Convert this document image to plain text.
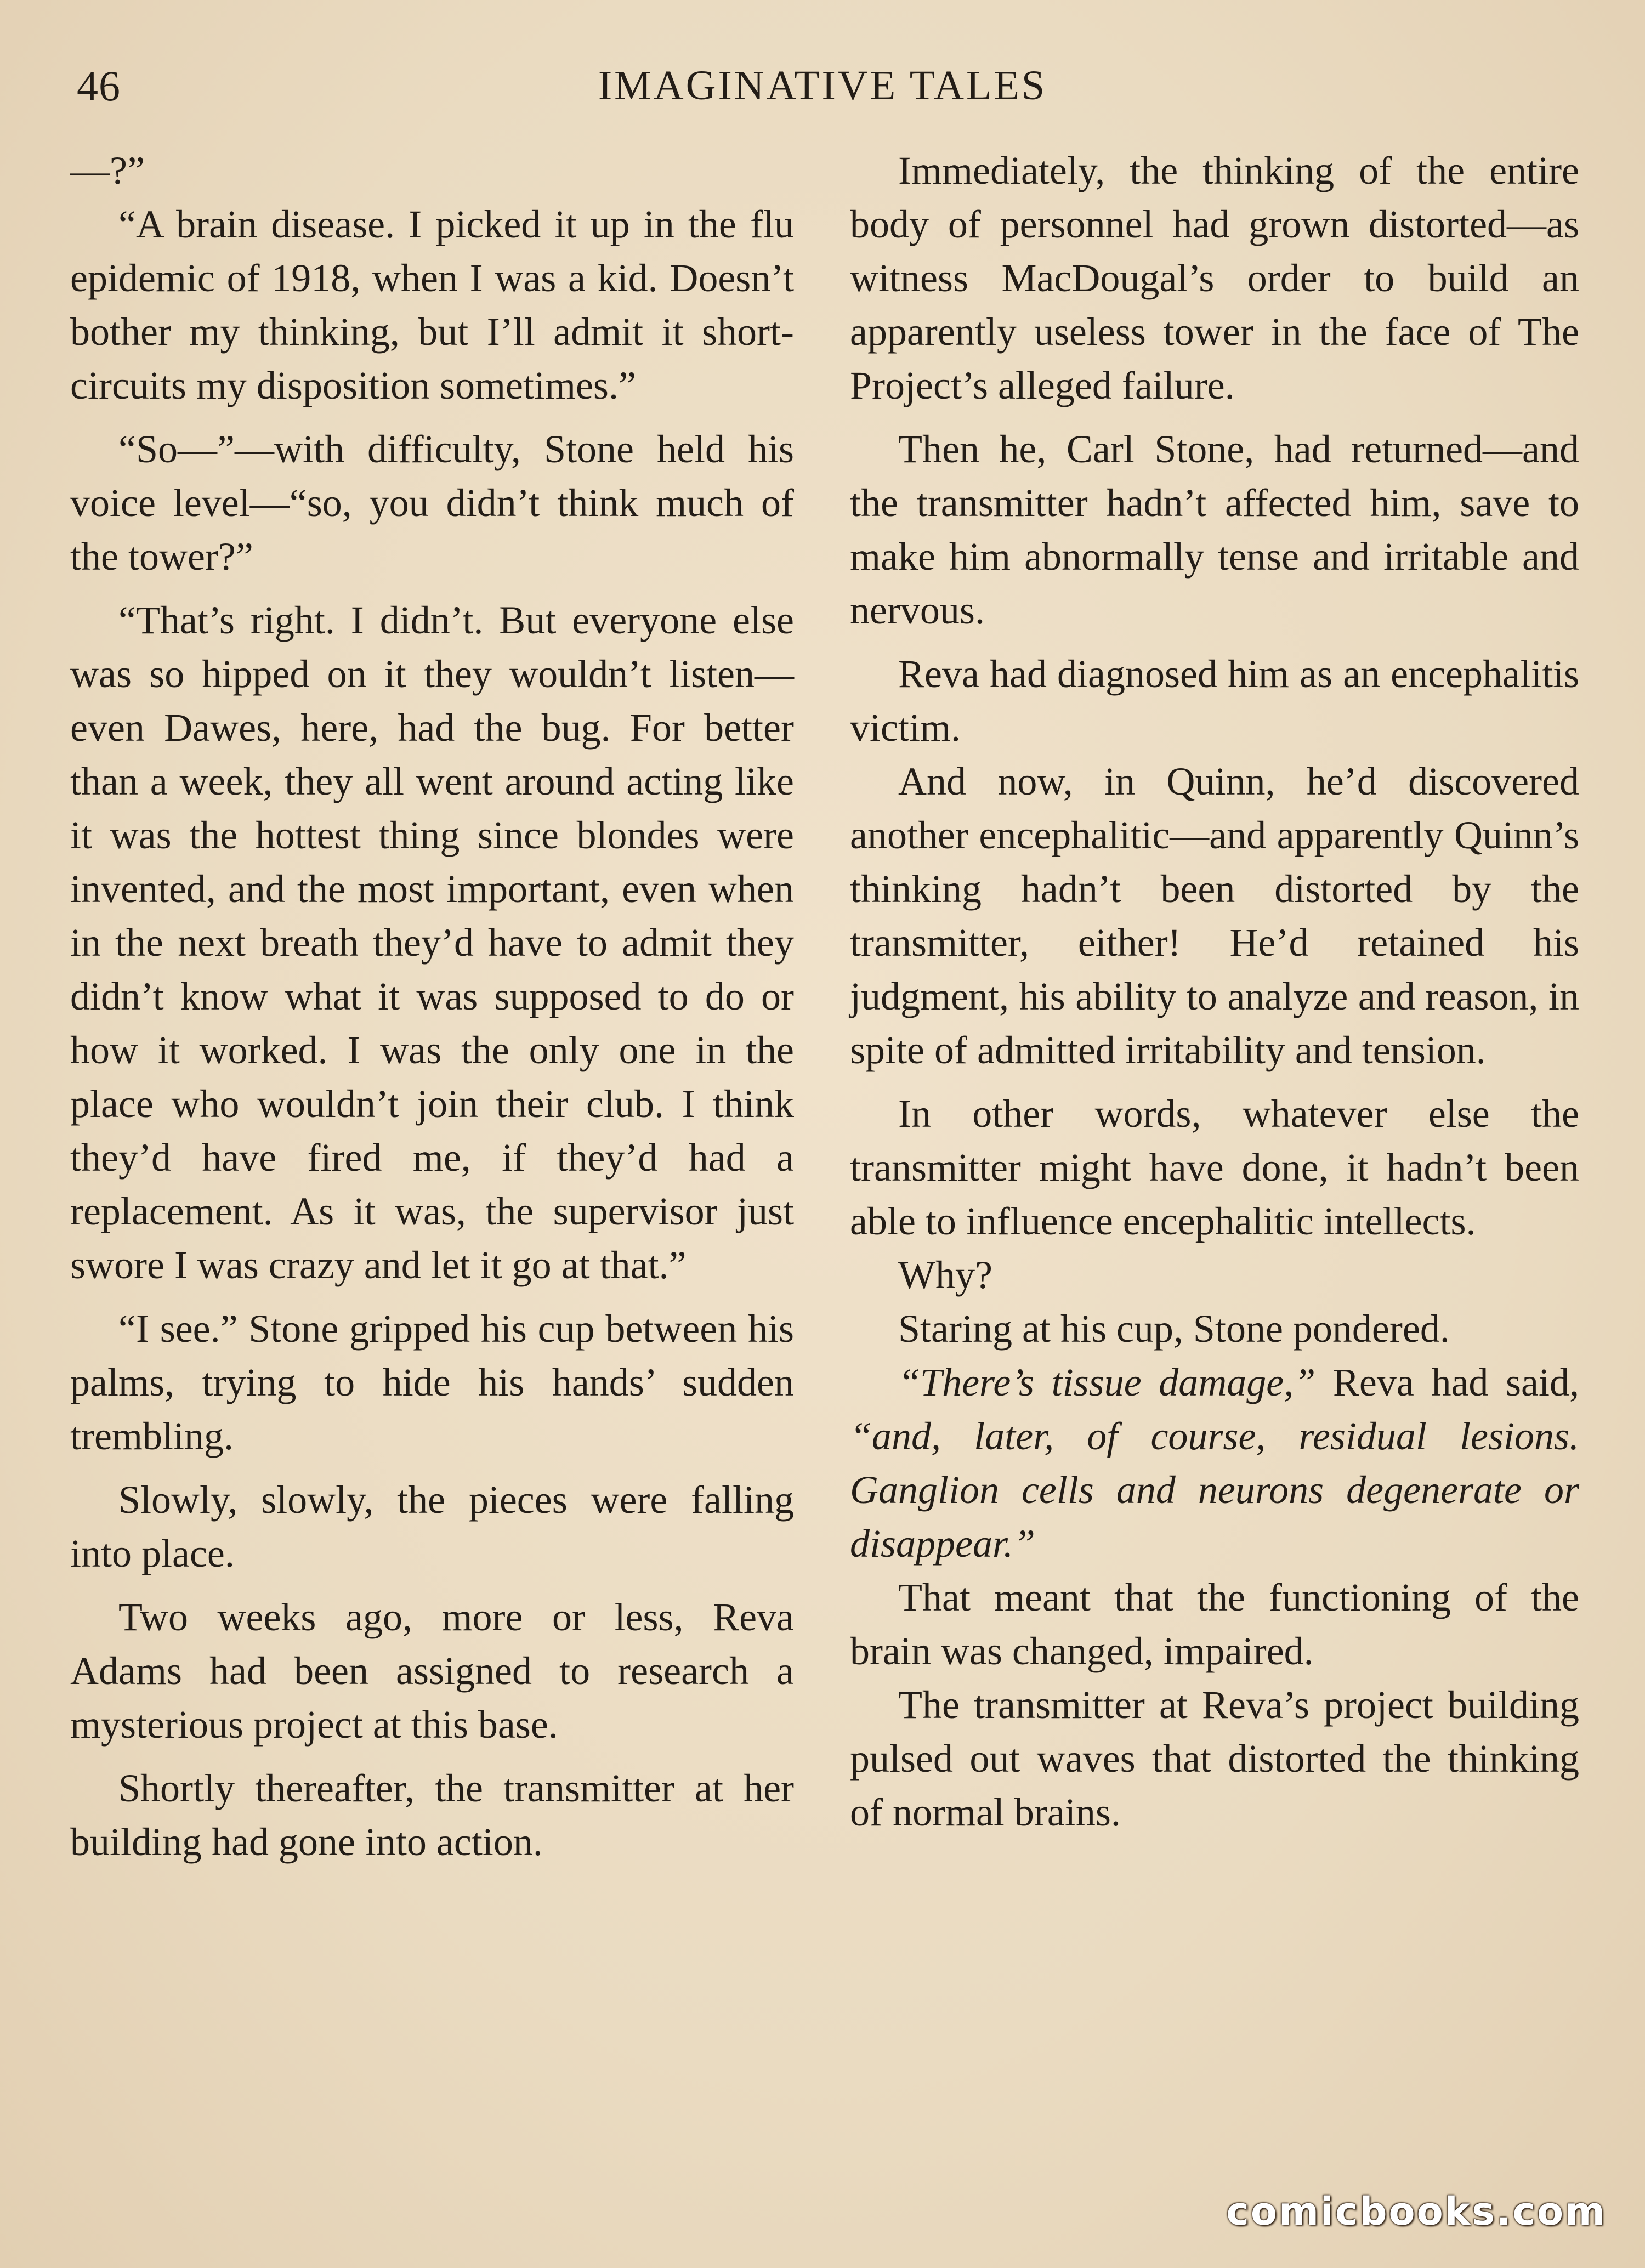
46	IMAGINATIVE TALES

—?”

“A brain disease. I picked it up in the flu epidemic of 1918, when I was a kid. Doesn’t bother my thinking, but I’ll admit it short-circuits my disposition sometimes.”

“So—”—with difficulty, Stone held his voice level—“so, you didn’t think much of the tower?”

“That’s right. I didn’t. But everyone else was so hipped on it they wouldn’t listen—even Dawes, here, had the bug. For better than a week, they all went around acting like it was the hottest thing since blondes were invented, and the most important, even when in the next breath they’d have to admit they didn’t know what it was supposed to do or how it worked. I was the only one in the place who wouldn’t join their club. I think they’d have fired me, if they’d had a replacement. As it was, the supervisor just swore I was crazy and let it go at that.”

“I see.” Stone gripped his cup between his palms, trying to hide his hands’ sudden trembling.

Slowly, slowly, the pieces were falling into place.

Two weeks ago, more or less, Reva Adams had been assigned to research a mysterious project at this base.

Shortly thereafter, the transmitter at her building had gone into action.

Immediately, the thinking of the entire body of personnel had grown distorted—as witness MacDougal’s order to build an apparently useless tower in the face of The Project’s alleged failure.

Then he, Carl Stone, had returned—and the transmitter hadn’t affected him, save to make him abnormally tense and irritable and nervous.

Reva had diagnosed him as an encephalitis victim.

And now, in Quinn, he’d discovered another encephalitic—and apparently Quinn’s thinking hadn’t been distorted by the transmitter, either! He’d retained his judgment, his ability to analyze and reason, in spite of admitted irritability and tension.

In other words, whatever else the transmitter might have done, it hadn’t been able to influence encephalitic intellects.

Why?

Staring at his cup, Stone pondered.

“There’s tissue damage,” Reva had said, “and, later, of course, residual lesions. Ganglion cells and neurons degenerate or disappear.”

That meant that the functioning of the brain was changed, impaired.

The transmitter at Reva’s project building pulsed out waves that distorted the thinking of normal brains.

comicbooks.com
